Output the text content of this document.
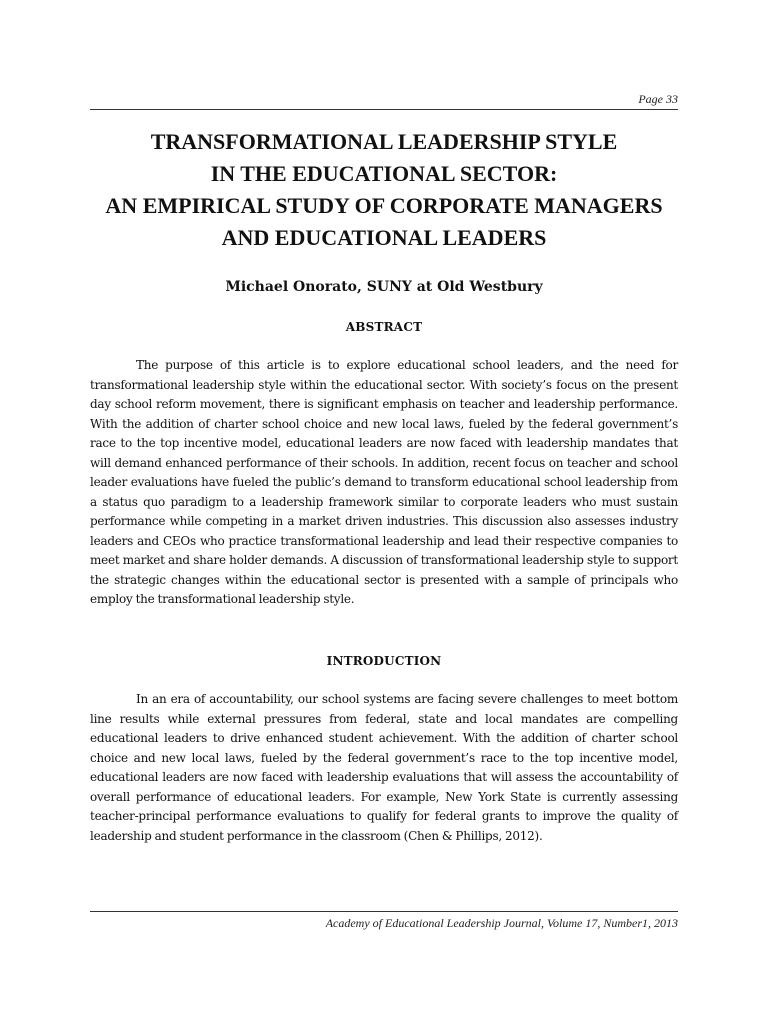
Page 33
TRANSFORMATIONAL LEADERSHIP STYLE
IN THE EDUCATIONAL SECTOR:
AN EMPIRICAL STUDY OF CORPORATE MANAGERS
AND EDUCATIONAL LEADERS
Michael Onorato, SUNY at Old Westbury
ABSTRACT

The purpose of this article is to explore educational school leaders, and the need for transformational leadership style within the educational sector. With society’s focus on the present day school reform movement, there is significant emphasis on teacher and leadership performance. With the addition of charter school choice and new local laws, fueled by the federal government’s race to the top incentive model, educational leaders are now faced with leadership mandates that will demand enhanced performance of their schools. In addition, recent focus on teacher and school leader evaluations have fueled the public’s demand to transform educational school leadership from a status quo paradigm to a leadership framework similar to corporate leaders who must sustain performance while competing in a market driven industries. This discussion also assesses industry leaders and CEOs who practice transformational leadership and lead their respective companies to meet market and share holder demands. A discussion of transformational leadership style to support the strategic changes within the educational sector is presented with a sample of principals who employ the transformational leadership style.

INTRODUCTION

In an era of accountability, our school systems are facing severe challenges to meet bottom line results while external pressures from federal, state and local mandates are compelling educational leaders to drive enhanced student achievement. With the addition of charter school choice and new local laws, fueled by the federal government’s race to the top incentive model, educational leaders are now faced with leadership evaluations that will assess the accountability of overall performance of educational leaders. For example, New York State is currently assessing teacher-principal performance evaluations to qualify for federal grants to improve the quality of leadership and student performance in the classroom (Chen & Phillips, 2012).

Academy of Educational Leadership Journal, Volume 17, Number1, 2013
